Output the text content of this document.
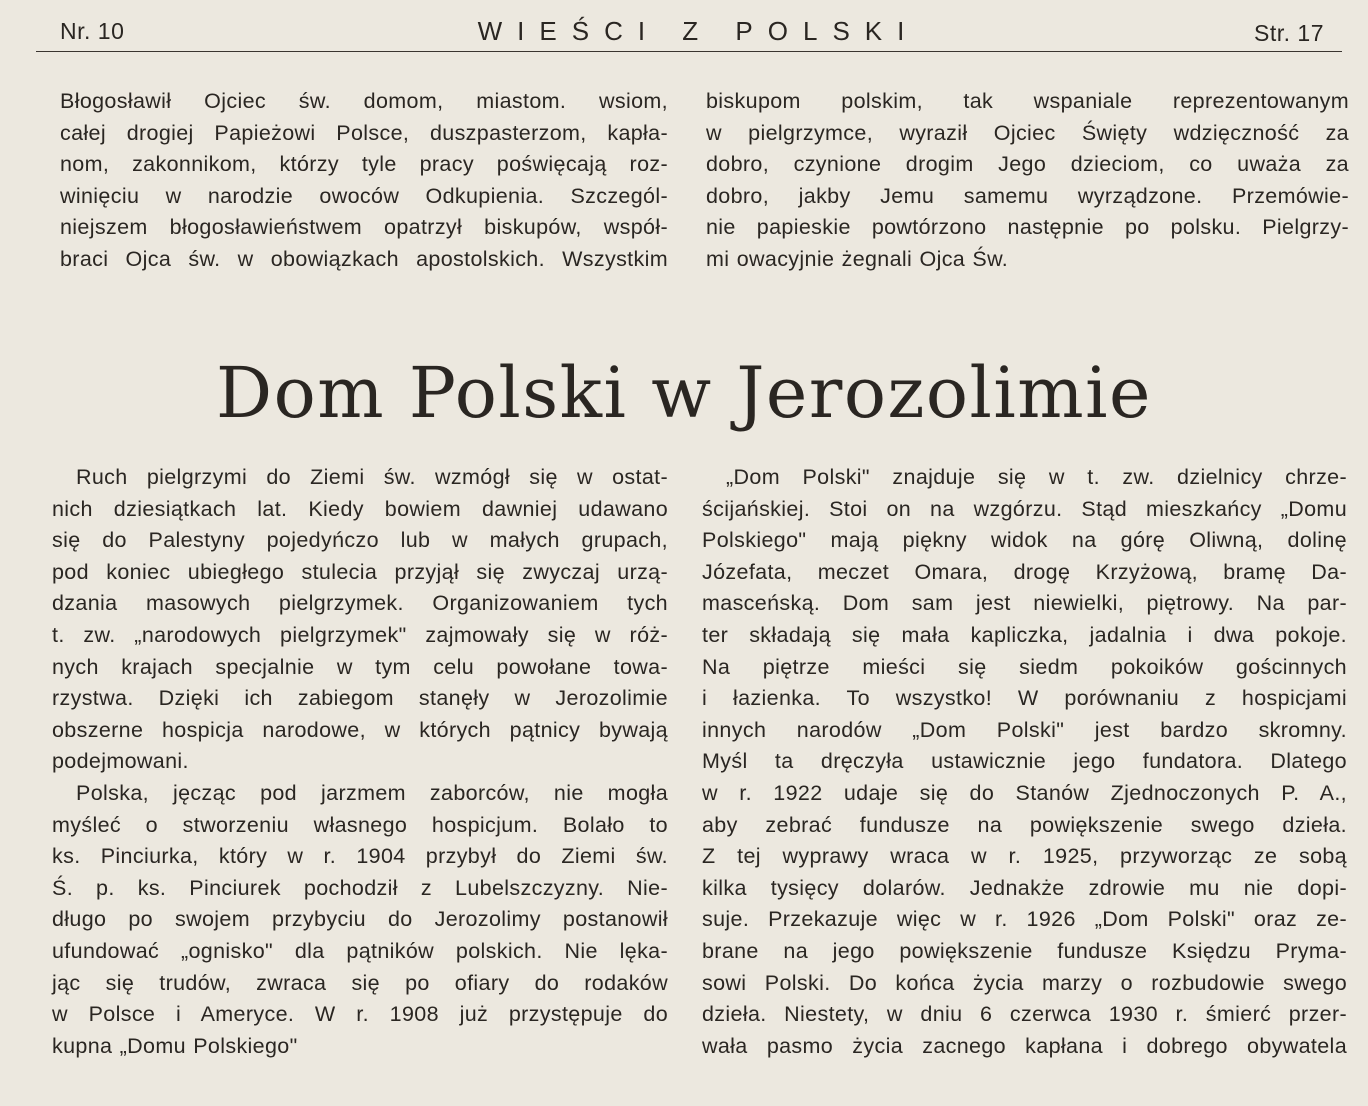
Nr. 10	WIEŚCI Z POLSKI	Str. 17
Błogosławił Ojciec św. domom, miastom. wsiom,
całej drogiej Papieżowi Polsce, duszpasterzom, kapła-
nom, zakonnikom, którzy tyle pracy poświęcają roz-
winięciu w narodzie owoców Odkupienia. Szczegól-
niejszem błogosławieństwem opatrzył biskupów, współ-
braci Ojca św. w obowiązkach apostolskich. Wszystkim
biskupom polskim, tak wspaniale reprezentowanym
w pielgrzymce, wyraził Ojciec Święty wdzięczność za
dobro, czynione drogim Jego dzieciom, co uważa za
dobro, jakby Jemu samemu wyrządzone. Przemówie-
nie papieskie powtórzono następnie po polsku. Pielgrzy-
mi owacyjnie żegnali Ojca Św.
Dom Polski w Jerozolimie
Ruch pielgrzymi do Ziemi św. wzmógł się w ostat-
nich dziesiątkach lat. Kiedy bowiem dawniej udawano
się do Palestyny pojedyńczo lub w małych grupach,
pod koniec ubiegłego stulecia przyjął się zwyczaj urzą-
dzania masowych pielgrzymek. Organizowaniem tych
t. zw. „narodowych pielgrzymek" zajmowały się w róż-
nych krajach specjalnie w tym celu powołane towa-
rzystwa. Dzięki ich zabiegom stanęły w Jerozolimie
obszerne hospicja narodowe, w których pątnicy bywają
podejmowani.
Polska, jęcząc pod jarzmem zaborców, nie mogła
myśleć o stworzeniu własnego hospicjum. Bolało to
ks. Pinciurka, który w r. 1904 przybył do Ziemi św.
Ś. p. ks. Pinciurek pochodził z Lubelszczyzny. Nie-
długo po swojem przybyciu do Jerozolimy postanowił
ufundować „ognisko" dla pątników polskich. Nie lęka-
jąc się trudów, zwraca się po ofiary do rodaków
w Polsce i Ameryce. W r. 1908 już przystępuje do
kupna „Domu Polskiego"
„Dom Polski" znajduje się w t. zw. dzielnicy chrze-
ścijańskiej. Stoi on na wzgórzu. Stąd mieszkańcy „Domu
Polskiego" mają piękny widok na górę Oliwną, dolinę
Józefata, meczet Omara, drogę Krzyżową, bramę Da-
masceńską. Dom sam jest niewielki, piętrowy. Na par-
ter składają się mała kapliczka, jadalnia i dwa pokoje.
Na piętrze mieści się siedm pokoików gościnnych
i łazienka. To wszystko! W porównaniu z hospicjami
innych narodów „Dom Polski" jest bardzo skromny.
Myśl ta dręczyła ustawicznie jego fundatora. Dlatego
w r. 1922 udaje się do Stanów Zjednoczonych P. A.,
aby zebrać fundusze na powiększenie swego dzieła.
Z tej wyprawy wraca w r. 1925, przyworząc ze sobą
kilka tysięcy dolarów. Jednakże zdrowie mu nie dopi-
suje. Przekazuje więc w r. 1926 „Dom Polski" oraz ze-
brane na jego powiększenie fundusze Księdzu Pryma-
sowi Polski. Do końca życia marzy o rozbudowie swego
dzieła. Niestety, w dniu 6 czerwca 1930 r. śmierć przer-
wała pasmo życia zacnego kapłana i dobrego obywatela
